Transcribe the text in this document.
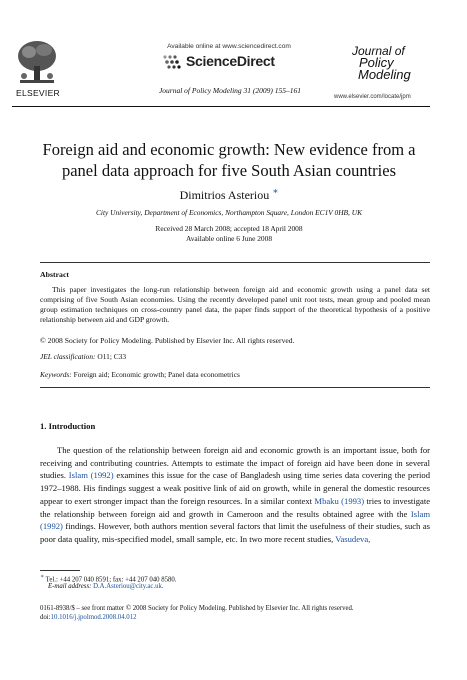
ELSEVIER
Available online at www.sciencedirect.com
ScienceDirect
Journal of Policy Modeling 31 (2009) 155–161
Journal of
Policy
Modeling
www.elsevier.com/locate/jpm
Foreign aid and economic growth: New evidence from a
panel data approach for five South Asian countries
Dimitrios Asteriou ∗
City University, Department of Economics, Northampton Square, London EC1V 0HB, UK
Received 28 March 2008; accepted 18 April 2008
Available online 6 June 2008
Abstract
This paper investigates the long-run relationship between foreign aid and economic growth using a panel data set comprising of five South Asian economies. Using the recently developed panel unit root tests, mean group and pooled mean group estimation techniques on cross-country panel data, the paper finds support of the theoretical hypothesis of a positive relationship between aid and GDP growth.
© 2008 Society for Policy Modeling. Published by Elsevier Inc. All rights reserved.
JEL classification: O11; C33
Keywords: Foreign aid; Economic growth; Panel data econometrics
1. Introduction

The question of the relationship between foreign aid and economic growth is an important issue, both for receiving and contributing countries. Attempts to estimate the impact of foreign aid have been done in several studies. Islam (1992) examines this issue for the case of Bangladesh using time series data covering the period 1972–1988. His findings suggest a weak positive link of aid on growth, while in general the domestic resources appear to exert stronger impact than the foreign resources. In a similar context Mbaku (1993) tries to investigate the relationship between foreign aid and growth in Cameroon and the results obtained agree with the Islam (1992) findings. However, both authors mention several factors that limit the usefulness of their studies, such as poor data quality, mis-specified model, small sample, etc. In two more recent studies, Vasudeva,

∗ Tel.: +44 207 040 8591; fax: +44 207 040 8580.
E-mail address: D.A.Asteriou@city.ac.uk.
0161-8938/$ – see front matter © 2008 Society for Policy Modeling. Published by Elsevier Inc. All rights reserved.
doi:10.1016/j.jpolmod.2008.04.012
